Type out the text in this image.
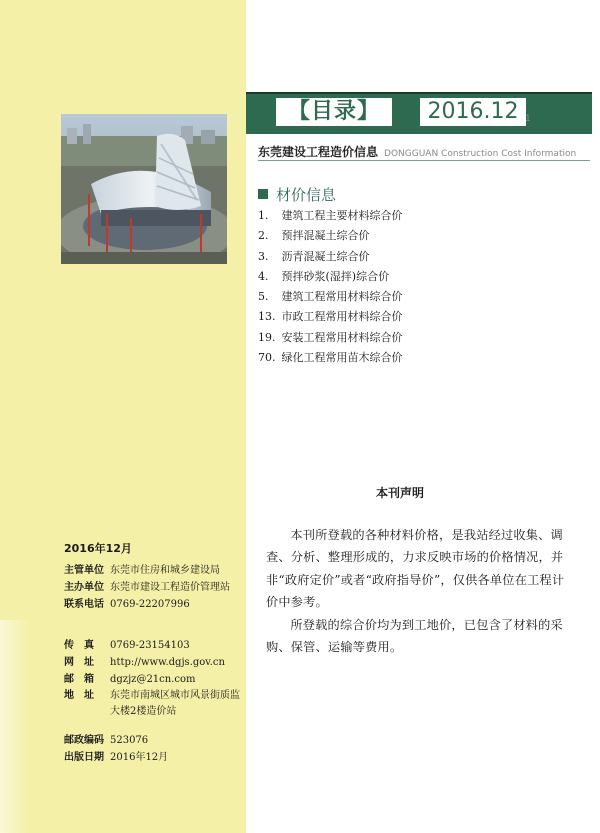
【目录】	2016.12 1
东莞建设工程造价信息 DONGGUAN Construction Cost Information
材价信息
1. 建筑工程主要材料综合价
2. 预拌混凝土综合价
3. 沥青混凝土综合价
4. 预拌砂浆(湿拌)综合价
5. 建筑工程常用材料综合价
13. 市政工程常用材料综合价
19. 安装工程常用材料综合价
70. 绿化工程常用苗木综合价
本刊声明

本刊所登载的各种材料价格，是我站经过收集、调查、分析、整理形成的，力求反映市场的价格情况，并非“政府定价”或者“政府指导价”，仅供各单位在工程计价中参考。

所登载的综合价均为到工地价，已包含了材料的采购、保管、运输等费用。

2016年12月
主管单位 东莞市住房和城乡建设局
主办单位 东莞市建设工程造价管理站
联系电话 0769-22207996
传　真	0769-23154103
网　址	http://www.dgjs.gov.cn
邮　箱	dgzjz@21cn.com
地　址	东莞市南城区城市风景街质监大楼2楼造价站
邮政编码 523076
出版日期 2016年12月
